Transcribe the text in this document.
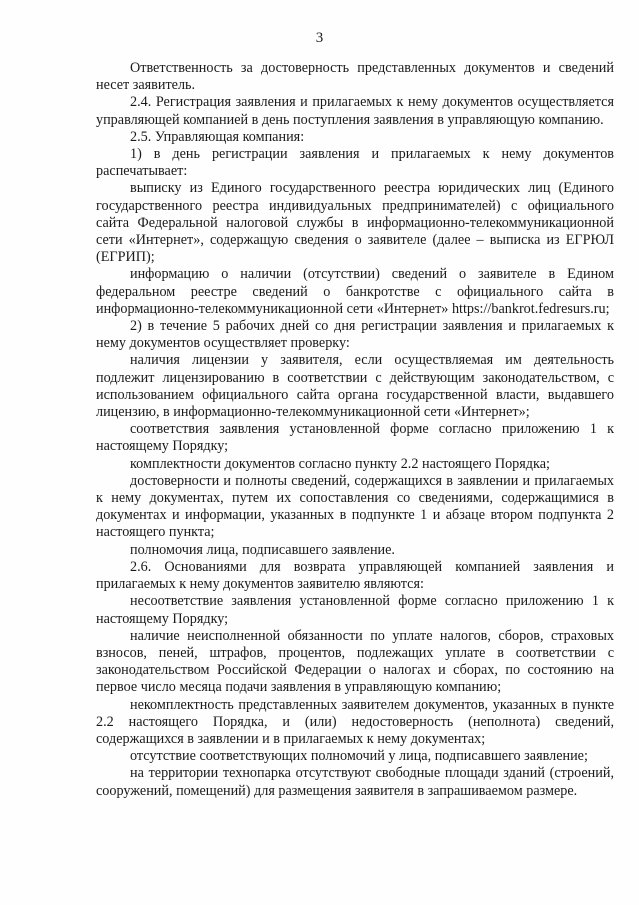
3

Ответственность за достоверность представленных документов и сведений несет заявитель.

2.4. Регистрация заявления и прилагаемых к нему документов осуществляется управляющей компанией в день поступления заявления в управляющую компанию.

2.5. Управляющая компания:

1) в день регистрации заявления и прилагаемых к нему документов распечатывает:

выписку из Единого государственного реестра юридических лиц (Единого государственного реестра индивидуальных предпринимателей) с официального сайта Федеральной налоговой службы в информационно-телекоммуникационной сети «Интернет», содержащую сведения о заявителе (далее – выписка из ЕГРЮЛ (ЕГРИП);

информацию о наличии (отсутствии) сведений о заявителе в Едином федеральном реестре сведений о банкротстве с официального сайта в информационно-телекоммуникационной сети «Интернет» https://bankrot.fedresurs.ru;

2) в течение 5 рабочих дней со дня регистрации заявления и прилагаемых к нему документов осуществляет проверку:

наличия лицензии у заявителя, если осуществляемая им деятельность подлежит лицензированию в соответствии с действующим законодательством, с использованием официального сайта органа государственной власти, выдавшего лицензию, в информационно-телекоммуникационной сети «Интернет»;

соответствия заявления установленной форме согласно приложению 1 к настоящему Порядку;

комплектности документов согласно пункту 2.2 настоящего Порядка;

достоверности и полноты сведений, содержащихся в заявлении и прилагаемых к нему документах, путем их сопоставления со сведениями, содержащимися в документах и информации, указанных в подпункте 1 и абзаце втором подпункта 2 настоящего пункта;

полномочия лица, подписавшего заявление.

2.6. Основаниями для возврата управляющей компанией заявления и прилагаемых к нему документов заявителю являются:

несоответствие заявления установленной форме согласно приложению 1 к настоящему Порядку;

наличие неисполненной обязанности по уплате налогов, сборов, страховых взносов, пеней, штрафов, процентов, подлежащих уплате в соответствии с законодательством Российской Федерации о налогах и сборах, по состоянию на первое число месяца подачи заявления в управляющую компанию;

некомплектность представленных заявителем документов, указанных в пункте 2.2 настоящего Порядка, и (или) недостоверность (неполнота) сведений, содержащихся в заявлении и в прилагаемых к нему документах;

отсутствие соответствующих полномочий у лица, подписавшего заявление;

на территории технопарка отсутствуют свободные площади зданий (строений, сооружений, помещений) для размещения заявителя в запрашиваемом размере.
